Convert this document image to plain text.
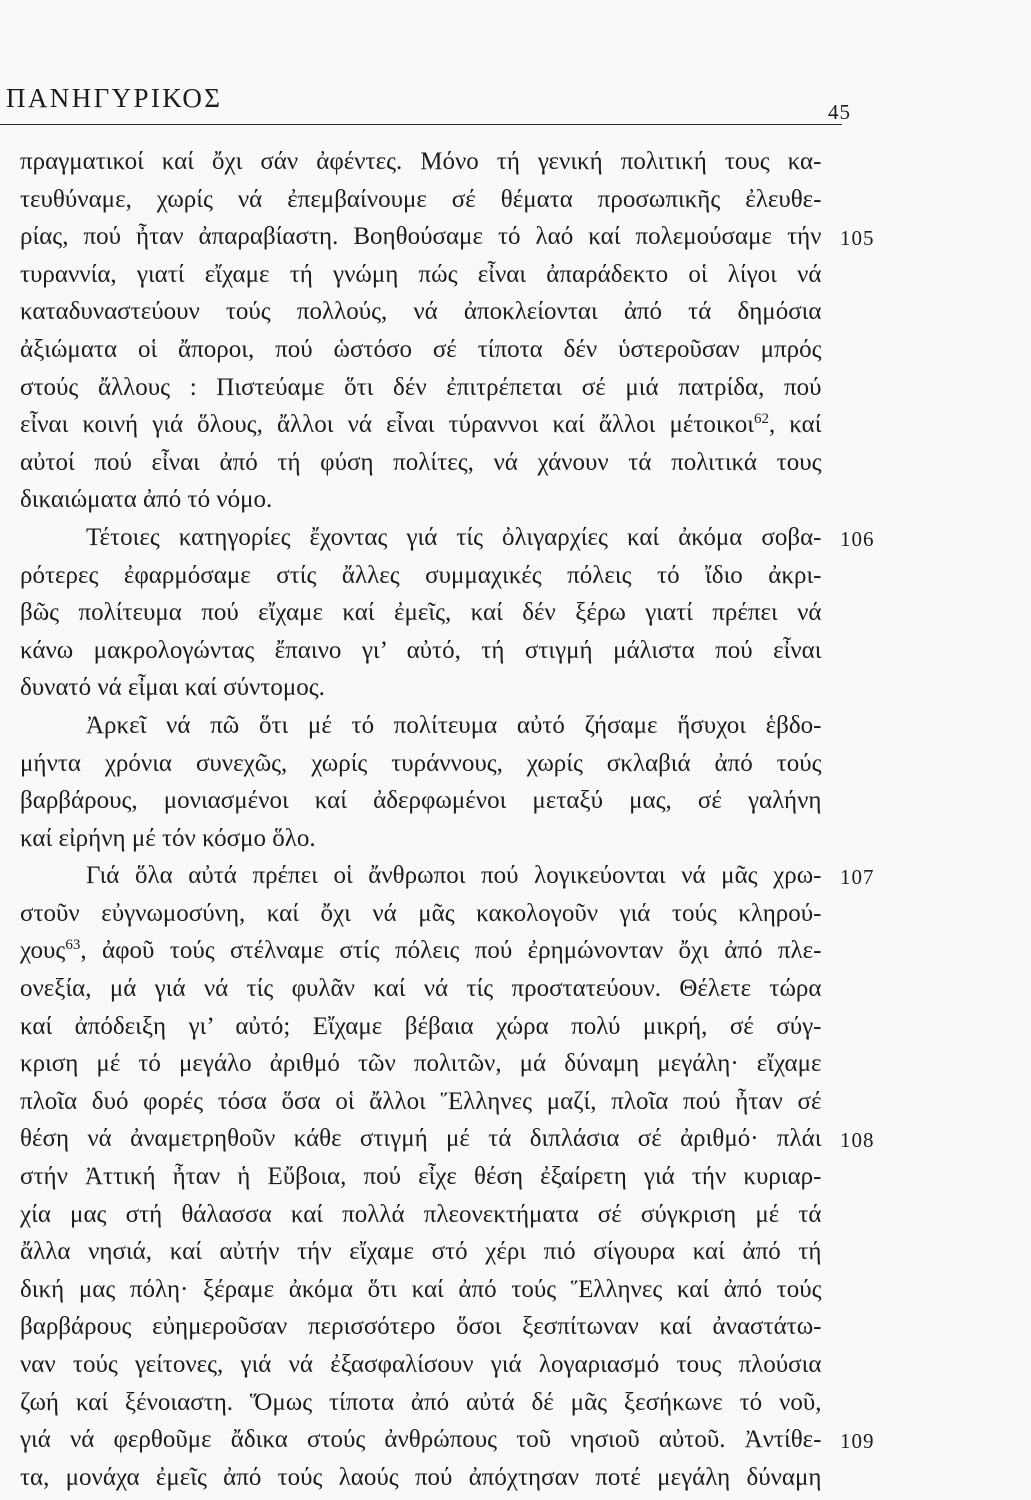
ΠΑΝΗΓΥΡΙΚΟΣ	45
πραγματικοί καί ὄχι σάν ἀφέντες. Μόνο τή γενική πολιτική τους κα-
τευθύναμε, χωρίς νά ἐπεμβαίνουμε σέ θέματα προσωπικῆς ἐλευθε-
ρίας, πού ἦταν ἀπαραβίαστη. Βοηθούσαμε τό λαό καί πολεμούσαμε τήν 105
τυραννία, γιατί εἴχαμε τή γνώμη πώς εἶναι ἀπαράδεκτο οἱ λίγοι νά
καταδυναστεύουν τούς πολλούς, νά ἀποκλείονται ἀπό τά δημόσια
ἀξιώματα οἱ ἄποροι, πού ὡστόσο σέ τίποτα δέν ὑστεροῦσαν μπρός
στούς ἄλλους : Πιστεύαμε ὅτι δέν ἐπιτρέπεται σέ μιά πατρίδα, πού
εἶναι κοινή γιά ὅλους, ἄλλοι νά εἶναι τύραννοι καί ἄλλοι μέτοικοι$^{62}$, καί
αὐτοί πού εἶναι ἀπό τή φύση πολίτες, νά χάνουν τά πολιτικά τους
δικαιώματα ἀπό τό νόμο.
Τέτοιες κατηγορίες ἔχοντας γιά τίς ὀλιγαρχίες καί ἀκόμα σοβα- 106
ρότερες ἐφαρμόσαμε στίς ἄλλες συμμαχικές πόλεις τό ἴδιο ἀκρι-
βῶς πολίτευμα πού εἴχαμε καί ἐμεῖς, καί δέν ξέρω γιατί πρέπει νά
κάνω μακρολογώντας ἔπαινο γι’ αὐτό, τή στιγμή μάλιστα πού εἶναι
δυνατό νά εἶμαι καί σύντομος.
Ἀρκεῖ νά πῶ ὅτι μέ τό πολίτευμα αὐτό ζήσαμε ἥσυχοι ἑβδο-
μήντα χρόνια συνεχῶς, χωρίς τυράννους, χωρίς σκλαβιά ἀπό τούς
βαρβάρους, μονιασμένοι καί ἀδερφωμένοι μεταξύ μας, σέ γαλήνη
καί εἰρήνη μέ τόν κόσμο ὅλο.
Γιά ὅλα αὐτά πρέπει οἱ ἄνθρωποι πού λογικεύονται νά μᾶς χρω- 107
στοῦν εὐγνωμοσύνη, καί ὄχι νά μᾶς κακολογοῦν γιά τούς κληρού-
χους$^{63}$, ἀφοῦ τούς στέλναμε στίς πόλεις πού ἐρημώνονταν ὄχι ἀπό πλε-
ονεξία, μά γιά νά τίς φυλᾶν καί νά τίς προστατεύουν. Θέλετε τώρα
καί ἀπόδειξη γι’ αὐτό; Εἴχαμε βέβαια χώρα πολύ μικρή, σέ σύγ-
κριση μέ τό μεγάλο ἀριθμό τῶν πολιτῶν, μά δύναμη μεγάλη· εἴχαμε
πλοῖα δυό φορές τόσα ὅσα οἱ ἄλλοι Ἕλληνες μαζί, πλοῖα πού ἦταν σέ
θέση νά ἀναμετρηθοῦν κάθε στιγμή μέ τά διπλάσια σέ ἀριθμό· πλάι 108
στήν Ἀττική ἦταν ἡ Εὔβοια, πού εἶχε θέση ἐξαίρετη γιά τήν κυριαρ-
χία μας στή θάλασσα καί πολλά πλεονεκτήματα σέ σύγκριση μέ τά
ἄλλα νησιά, καί αὐτήν τήν εἴχαμε στό χέρι πιό σίγουρα καί ἀπό τή
δική μας πόλη· ξέραμε ἀκόμα ὅτι καί ἀπό τούς Ἕλληνες καί ἀπό τούς
βαρβάρους εὐημεροῦσαν περισσότερο ὅσοι ξεσπίτωναν καί ἀναστάτω-
ναν τούς γείτονες, γιά νά ἐξασφαλίσουν γιά λογαριασμό τους πλούσια
ζωή καί ξένοιαστη. Ὅμως τίποτα ἀπό αὐτά δέ μᾶς ξεσήκωνε τό νοῦ,
γιά νά φερθοῦμε ἄδικα στούς ἀνθρώπους τοῦ νησιοῦ αὐτοῦ. Ἀντίθε- 109
τα, μονάχα ἐμεῖς ἀπό τούς λαούς πού ἀπόχτησαν ποτέ μεγάλη δύναμη
